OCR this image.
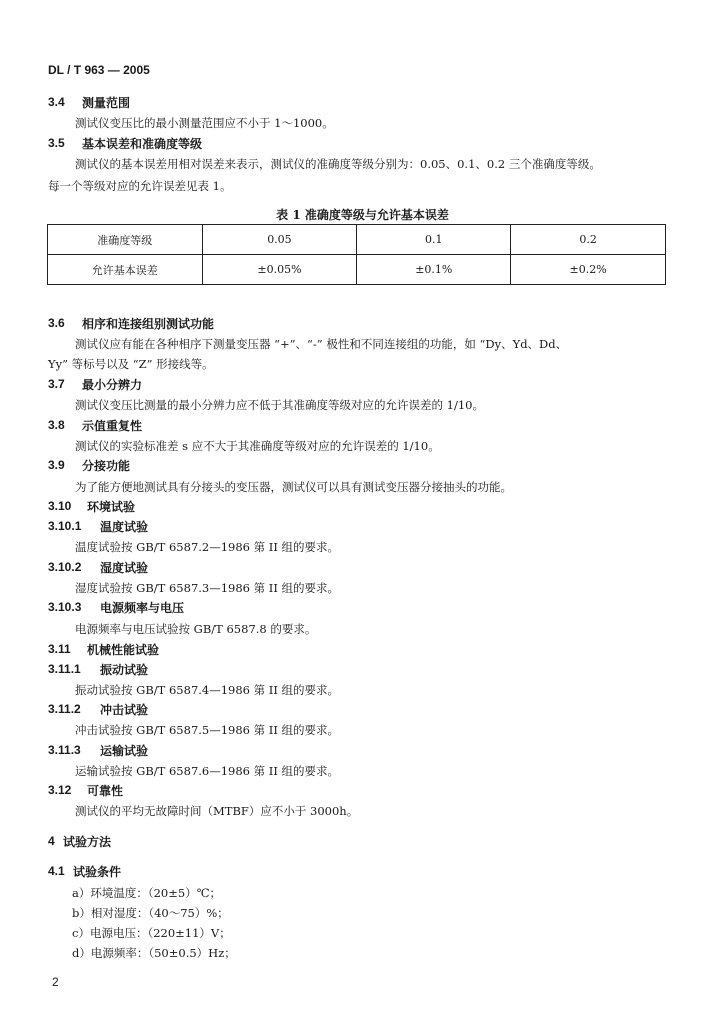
DL / T 963 — 2005
3.4 测量范围
测试仪变压比的最小测量范围应不小于 1～1000。
3.5 基本误差和准确度等级
测试仪的基本误差用相对误差来表示，测试仪的准确度等级分别为：0.05、0.1、0.2 三个准确度等级。
每一个等级对应的允许误差见表 1。
表 1 准确度等级与允许基本误差
准确度等级	0.05	0.1	0.2
允许基本误差	±0.05%	±0.1%	±0.2%
3.6 相序和连接组别测试功能
测试仪应有能在各种相序下测量变压器 “+”、“-” 极性和不同连接组的功能，如 “Dy、Yd、Dd、
Yy” 等标号以及 “Z” 形接线等。
3.7 最小分辨力
测试仪变压比测量的最小分辨力应不低于其准确度等级对应的允许误差的 1/10。
3.8 示值重复性
测试仪的实验标准差 s 应不大于其准确度等级对应的允许误差的 1/10。
3.9 分接功能
为了能方便地测试具有分接头的变压器，测试仪可以具有测试变压器分接抽头的功能。
3.10 环境试验
3.10.1 温度试验
温度试验按 GB/T 6587.2—1986 第 II 组的要求。
3.10.2 湿度试验
湿度试验按 GB/T 6587.3—1986 第 II 组的要求。
3.10.3 电源频率与电压
电源频率与电压试验按 GB/T 6587.8 的要求。
3.11 机械性能试验
3.11.1 振动试验
振动试验按 GB/T 6587.4—1986 第 II 组的要求。
3.11.2 冲击试验
冲击试验按 GB/T 6587.5—1986 第 II 组的要求。
3.11.3 运输试验
运输试验按 GB/T 6587.6—1986 第 II 组的要求。
3.12 可靠性
测试仪的平均无故障时间（MTBF）应不小于 3000h。
4 试验方法
4.1 试验条件
a）环境温度：（20±5）℃；
b）相对湿度：（40～75）%；
c）电源电压：（220±11）V；
d）电源频率：（50±0.5）Hz；
2
